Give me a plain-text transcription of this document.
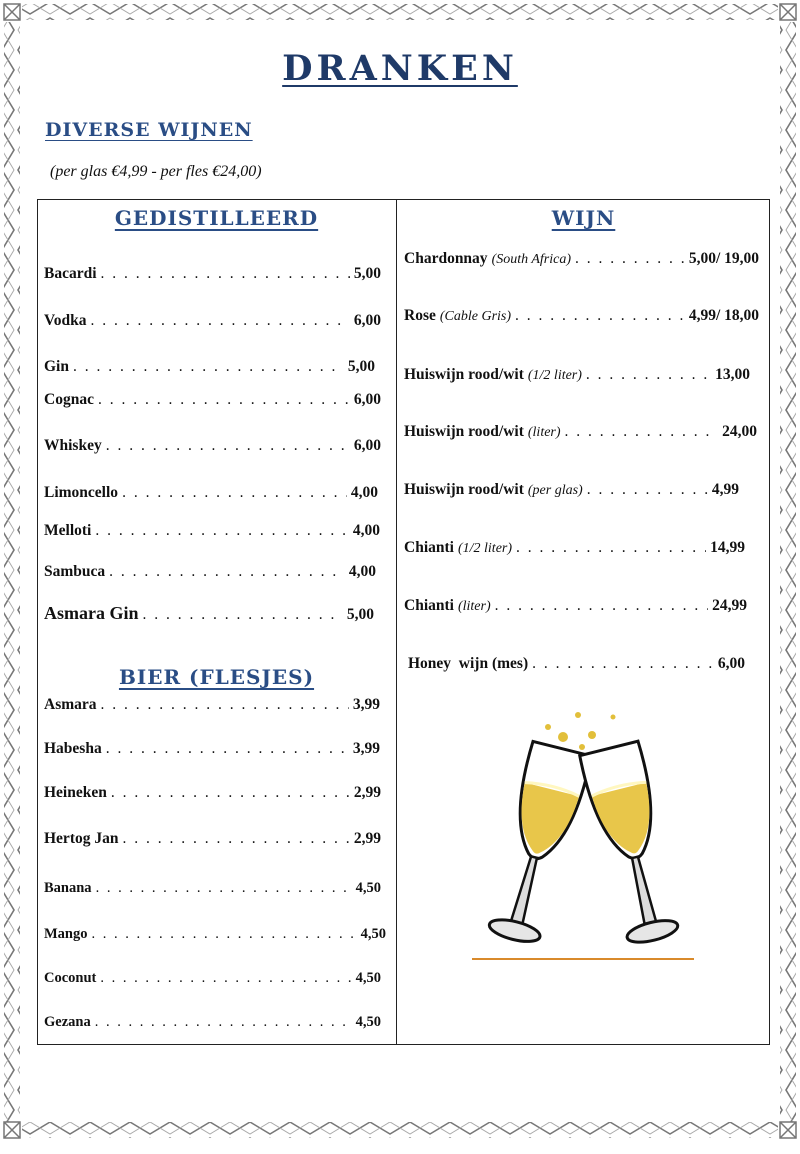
DRANKEN
DIVERSE WIJNEN
(per glas €4,99 - per fles €24,00)
GEDISTILLEERD	WIJN
BIER (FLESJES)
Bacardi . . .	5,00
Vodka . . .	6,00
Gin . . .	5,00
Cognac . . .	6,00
Whiskey . . .	6,00
Limoncello . . .	4,00
Melloti . . .	4,00
Sambuca . . .	4,00
Asmara Gin . . .	5,00
Asmara . . .	3,99
Habesha . . .	3,99
Heineken . . .	2,99
Hertog Jan . . .	2,99
Banana . . .	4,50
Mango . . .	4,50
Coconut . . .	4,50
Gezana . . .	4,50
Chardonnay (South Africa) . . .	5,00/ 19,00
Rose (Cable Gris) . . .	4,99/ 18,00
Huiswijn rood/wit (1/2 liter) . . .	13,00
Huiswijn rood/wit (liter) . . .	24,00
Huiswijn rood/wit (per glas) . . .	4,99
Chianti (1/2 liter) . . .	14,99
Chianti (liter) . . .	24,99
Honey  wijn (mes) . . .	6,00
